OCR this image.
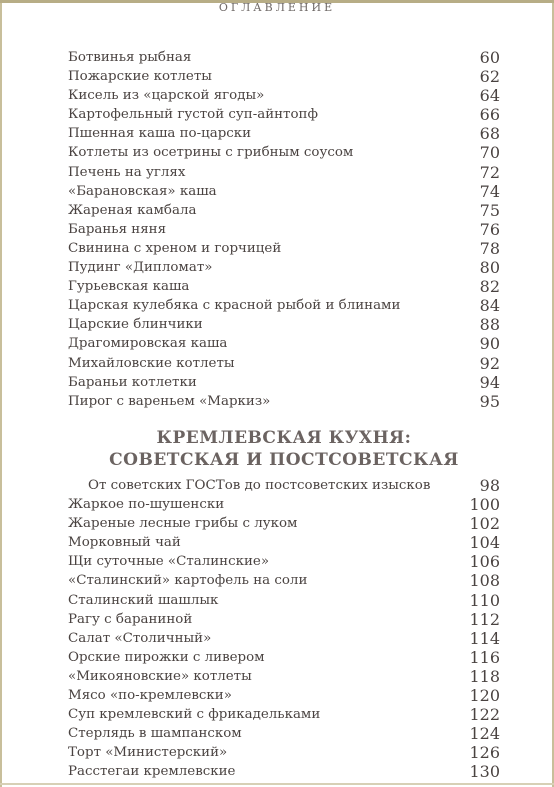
ОГЛАВЛЕНИЕ
Ботвинья рыбная	60
Пожарские котлеты	62
Кисель из «царской ягоды»	64
Картофельный густой суп-айнтопф	66
Пшенная каша по-царски	68
Котлеты из осетрины с грибным соусом	70
Печень на углях	72
«Барановская» каша	74
Жареная камбала	75
Баранья няня	76
Свинина с хреном и горчицей	78
Пудинг «Дипломат»	80
Гурьевская каша	82
Царская кулебяка с красной рыбой и блинами	84
Царские блинчики	88
Драгомировская каша	90
Михайловские котлеты	92
Бараньи котлетки	94
Пирог с вареньем «Маркиз»	95
КРЕМЛЕВСКАЯ КУХНЯ:
СОВЕТСКАЯ И ПОСТСОВЕТСКАЯ
От советских ГОСТов до постсоветских изысков	98
Жаркое по-шушенски	100
Жареные лесные грибы с луком	102
Морковный чай	104
Щи суточные «Сталинские»	106
«Сталинский» картофель на соли	108
Сталинский шашлык	110
Рагу с бараниной	112
Салат «Столичный»	114
Орские пирожки с ливером	116
«Микояновские» котлеты	118
Мясо «по-кремлевски»	120
Суп кремлевский с фрикадельками	122
Стерлядь в шампанском	124
Торт «Министерский»	126
Расстегаи кремлевские	130
